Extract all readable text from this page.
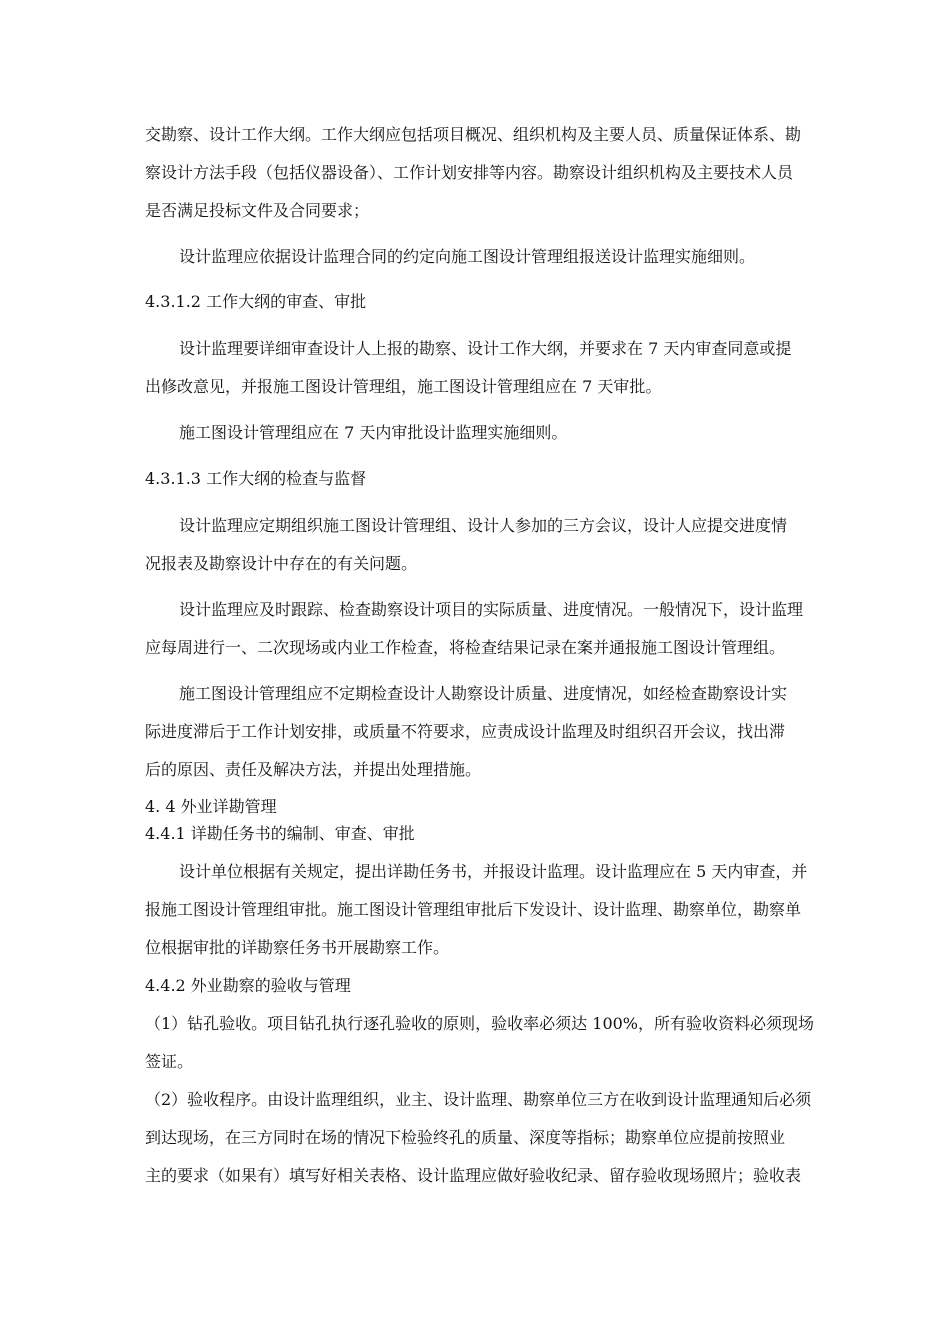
交勘察、设计工作大纲。工作大纲应包括项目概况、组织机构及主要人员、质量保证体系、勘
察设计方法手段（包括仪器设备）、工作计划安排等内容。勘察设计组织机构及主要技术人员
是否满足投标文件及合同要求；
设计监理应依据设计监理合同的约定向施工图设计管理组报送设计监理实施细则。
4.3.1.2 工作大纲的审查、审批
设计监理要详细审查设计人上报的勘察、设计工作大纲，并要求在 7 天内审查同意或提
出修改意见，并报施工图设计管理组，施工图设计管理组应在 7 天审批。
施工图设计管理组应在 7 天内审批设计监理实施细则。
4.3.1.3 工作大纲的检查与监督
设计监理应定期组织施工图设计管理组、设计人参加的三方会议，设计人应提交进度情
况报表及勘察设计中存在的有关问题。
设计监理应及时跟踪、检查勘察设计项目的实际质量、进度情况。一般情况下，设计监理
应每周进行一、二次现场或内业工作检查，将检查结果记录在案并通报施工图设计管理组。
施工图设计管理组应不定期检查设计人勘察设计质量、进度情况，如经检查勘察设计实
际进度滞后于工作计划安排，或质量不符要求，应责成设计监理及时组织召开会议，找出滞
后的原因、责任及解决方法，并提出处理措施。
4. 4 外业详勘管理
4.4.1 详勘任务书的编制、审查、审批
设计单位根据有关规定，提出详勘任务书，并报设计监理。设计监理应在 5 天内审查，并
报施工图设计管理组审批。施工图设计管理组审批后下发设计、设计监理、勘察单位，勘察单
位根据审批的详勘察任务书开展勘察工作。
4.4.2 外业勘察的验收与管理
（1）钻孔验收。项目钻孔执行逐孔验收的原则，验收率必须达 100%，所有验收资料必须现场
签证。
（2）验收程序。由设计监理组织，业主、设计监理、勘察单位三方在收到设计监理通知后必须
到达现场，在三方同时在场的情况下检验终孔的质量、深度等指标；勘察单位应提前按照业
主的要求（如果有）填写好相关表格、设计监理应做好验收纪录、留存验收现场照片；验收表
